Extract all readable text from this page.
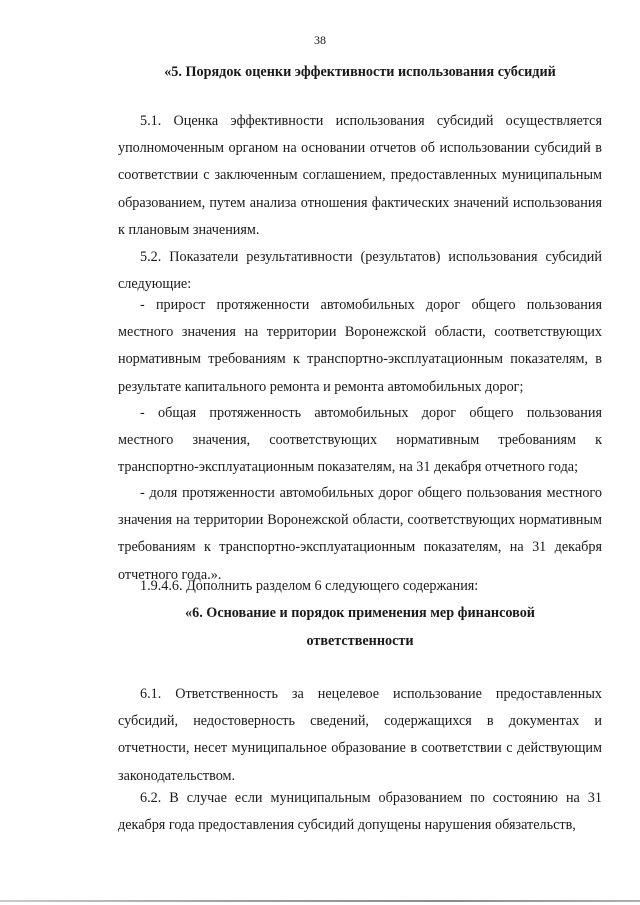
38
«5. Порядок оценки эффективности использования субсидий

5.1. Оценка эффективности использования субсидий осуществляется уполномоченным органом на основании отчетов об использовании субсидий в соответствии с заключенным соглашением, предоставленных муниципальным образованием, путем анализа отношения фактических значений использования к плановым значениям.

5.2. Показатели результативности (результатов) использования субсидий следующие:

- прирост протяженности автомобильных дорог общего пользования местного значения на территории Воронежской области, соответствующих нормативным требованиям к транспортно-эксплуатационным показателям, в результате капитального ремонта и ремонта автомобильных дорог;

- общая протяженность автомобильных дорог общего пользования местного значения, соответствующих нормативным требованиям к транспортно-эксплуатационным показателям, на 31 декабря отчетного года;

- доля протяженности автомобильных дорог общего пользования местного значения на территории Воронежской области, соответствующих нормативным требованиям к транспортно-эксплуатационным показателям, на 31 декабря отчетного года.».

1.9.4.6. Дополнить разделом 6 следующего содержания:

«6. Основание и порядок применения мер финансовой
ответственности

6.1. Ответственность за нецелевое использование предоставленных субсидий, недостоверность сведений, содержащихся в документах и отчетности, несет муниципальное образование в соответствии с действующим законодательством.

6.2. В случае если муниципальным образованием по состоянию на 31 декабря года предоставления субсидий допущены нарушения обязательств,
